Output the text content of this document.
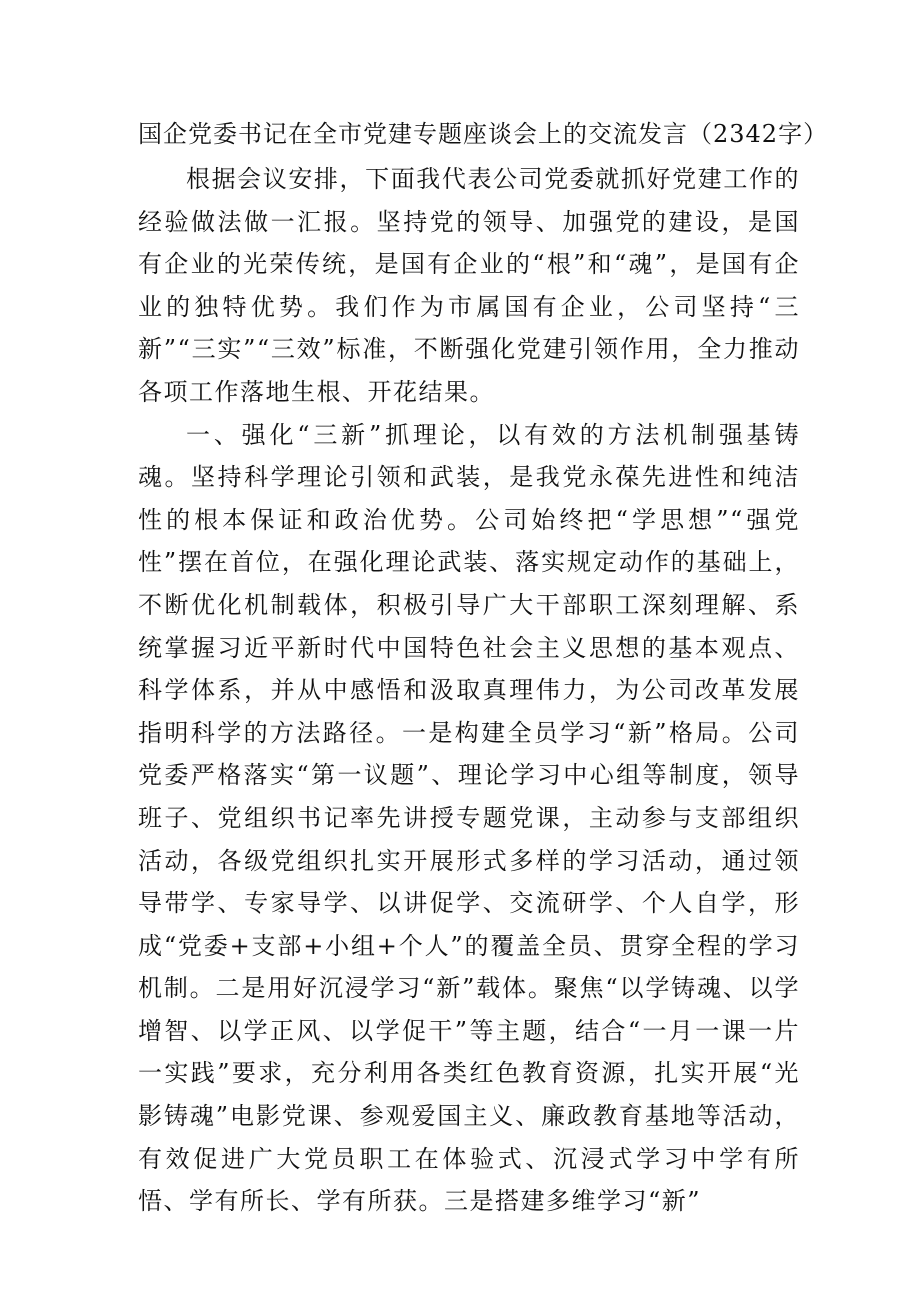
国企党委书记在全市党建专题座谈会上的交流发言（2342字）

根据会议安排，下面我代表公司党委就抓好党建工作的经验做法做一汇报。坚持党的领导、加强党的建设，是国有企业的光荣传统，是国有企业的“根”和“魂”，是国有企业的独特优势。我们作为市属国有企业，公司坚持“三新”“三实”“三效”标准，不断强化党建引领作用，全力推动各项工作落地生根、开花结果。

一、强化“三新”抓理论，以有效的方法机制强基铸魂。坚持科学理论引领和武装，是我党永葆先进性和纯洁性的根本保证和政治优势。公司始终把“学思想”“强党性”摆在首位，在强化理论武装、落实规定动作的基础上，不断优化机制载体，积极引导广大干部职工深刻理解、系统掌握习近平新时代中国特色社会主义思想的基本观点、科学体系，并从中感悟和汲取真理伟力，为公司改革发展指明科学的方法路径。一是构建全员学习“新”格局。公司党委严格落实“第一议题”、理论学习中心组等制度，领导班子、党组织书记率先讲授专题党课，主动参与支部组织活动，各级党组织扎实开展形式多样的学习活动，通过领导带学、专家导学、以讲促学、交流研学、个人自学，形成“党委+支部+小组+个人”的覆盖全员、贯穿全程的学习机制。二是用好沉浸学习“新”载体。聚焦“以学铸魂、以学增智、以学正风、以学促干”等主题，结合“一月一课一片一实践”要求，充分利用各类红色教育资源，扎实开展“光影铸魂”电影党课、参观爱国主义、廉政教育基地等活动，有效促进广大党员职工在体验式、沉浸式学习中学有所悟、学有所长、学有所获。三是搭建多维学习“新”
